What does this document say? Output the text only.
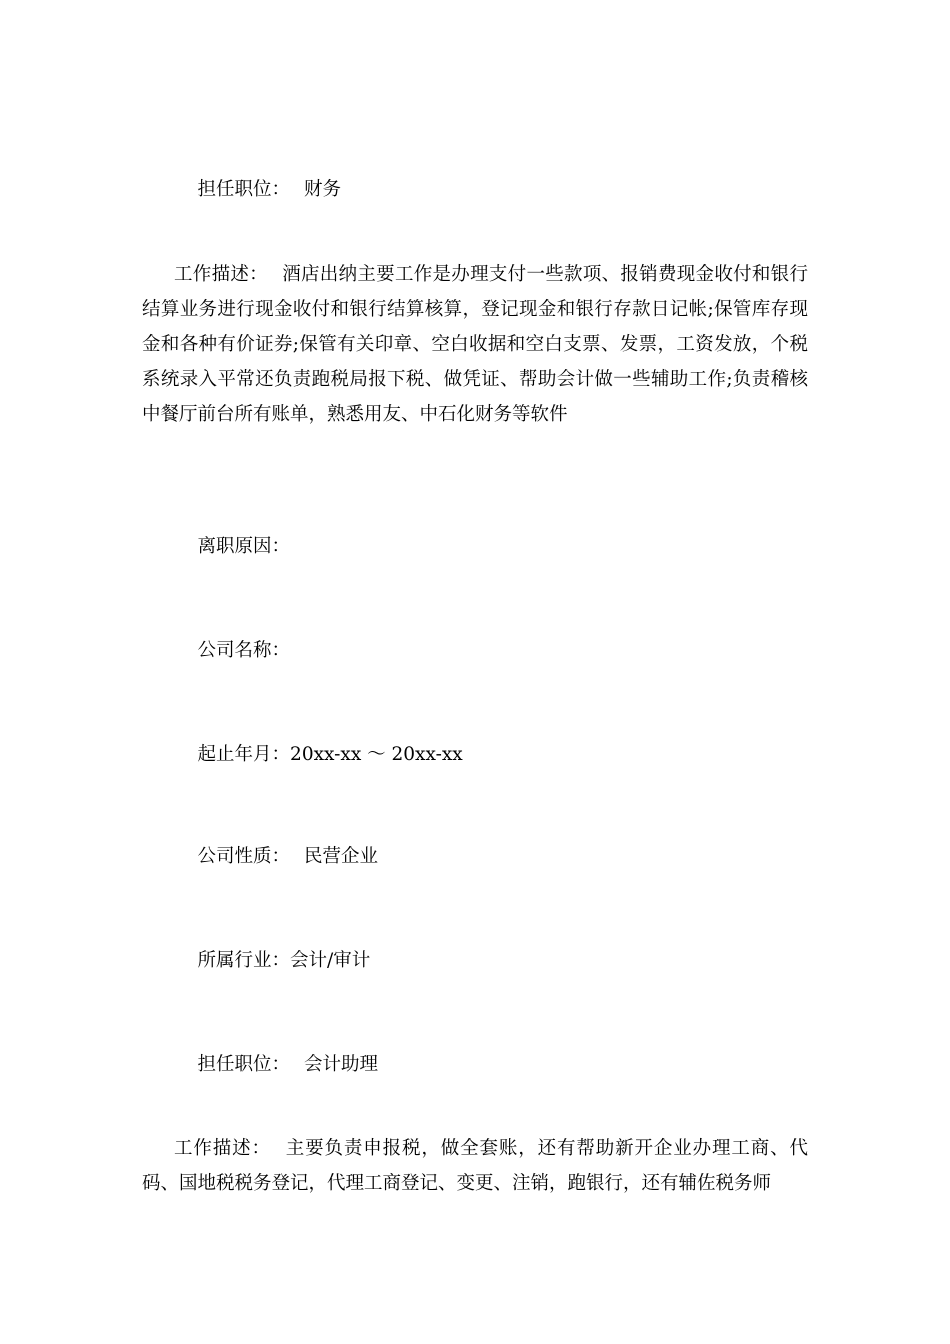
担任职位： 财务

工作描述： 酒店出纳主要工作是办理支付一些款项、报销费现金收付和银行结算业务进行现金收付和银行结算核算，登记现金和银行存款日记帐;保管库存现金和各种有价证券;保管有关印章、空白收据和空白支票、发票，工资发放，个税系统录入平常还负责跑税局报下税、做凭证、帮助会计做一些辅助工作;负责稽核中餐厅前台所有账单，熟悉用友、中石化财务等软件

离职原因：

公司名称：

起止年月：20xx-xx ～ 20xx-xx

公司性质： 民营企业

所属行业：会计/审计

担任职位： 会计助理

工作描述： 主要负责申报税，做全套账，还有帮助新开企业办理工商、代码、国地税税务登记，代理工商登记、变更、注销，跑银行，还有辅佐税务师
